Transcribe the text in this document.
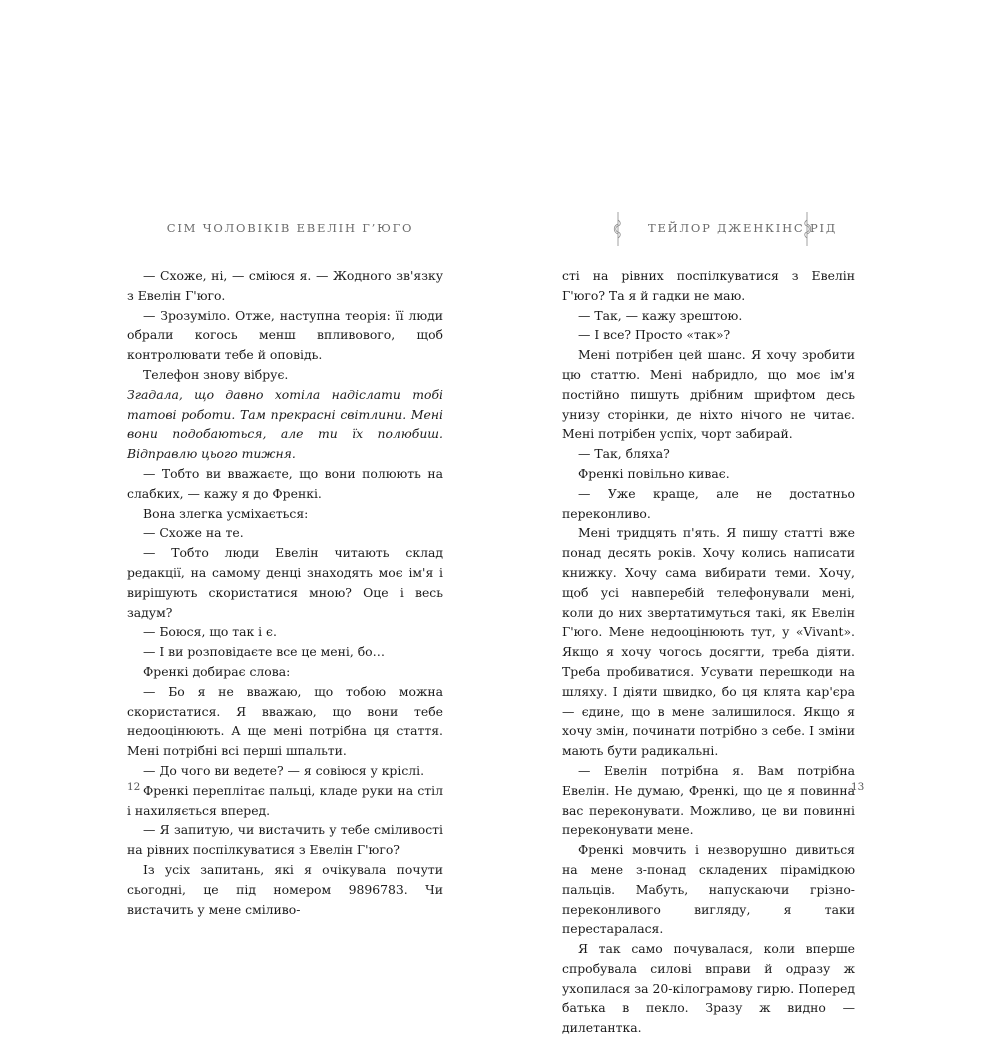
СІМ ЧОЛОВІКІВ ЕВЕЛІН Г’ЮГО

— Схоже, ні, — сміюся я. — Жодного зв'язку з Евелін Г'юго.

— Зрозуміло. Отже, наступна теорія: її люди обрали когось менш впливового, щоб контролювати тебе й оповідь.

Телефон знову вібрує.

Згадала, що давно хотіла надіслати тобі татові роботи. Там прекрасні світлини. Мені вони подобаються, але ти їх полюбиш. Відправлю цього тижня.

— Тобто ви вважаєте, що вони полюють на слабких, — кажу я до Френкі.

Вона злегка усміхається:

— Схоже на те.

— Тобто люди Евелін читають склад редакції, на самому денці знаходять моє ім'я і вирішують скористатися мною? Оце і весь задум?

— Боюся, що так і є.

— І ви розповідаєте все це мені, бо…

Френкі добирає слова:

— Бо я не вважаю, що тобою можна скористатися. Я вважаю, що вони тебе недооцінюють. А ще мені потрібна ця стаття. Мені потрібні всі перші шпальти.

— До чого ви ведете? — я совіюся у кріслі.

Френкі переплітає пальці, кладе руки на стіл і нахиляється вперед.

— Я запитую, чи вистачить у тебе сміливості на рівних поспілкуватися з Евелін Г'юго?

Із усіх запитань, які я очікувала почути сьогодні, це під номером 9896783. Чи вистачить у мене сміливо-

12
ТЕЙЛОР ДЖЕНКІНС РІД

сті на рівних поспілкуватися з Евелін Г'юго? Та я й гадки не маю.

— Так, — кажу зрештою.

— І все? Просто «так»?

Мені потрібен цей шанс. Я хочу зробити цю статтю. Мені набридло, що моє ім'я постійно пишуть дрібним шрифтом десь унизу сторінки, де ніхто нічого не читає. Мені потрібен успіх, чорт забирай.

— Так, бляха?

Френкі повільно киває.

— Уже краще, але не достатньо переконливо.

Мені тридцять п'ять. Я пишу статті вже понад десять років. Хочу колись написати книжку. Хочу сама вибирати теми. Хочу, щоб усі навперебій телефонували мені, коли до них звертатимуться такі, як Евелін Г'юго. Мене недооцінюють тут, у «Vivant». Якщо я хочу чогось досягти, треба діяти. Треба пробиватися. Усувати перешкоди на шляху. І діяти швидко, бо ця клята кар'єра — єдине, що в мене залишилося. Якщо я хочу змін, починати потрібно з себе. І зміни мають бути радикальні.

— Евелін потрібна я. Вам потрібна Евелін. Не думаю, Френкі, що це я повинна вас переконувати. Можливо, це ви повинні переконувати мене.

Френкі мовчить і незворушно дивиться на мене з-понад складених пірамідкою пальців. Мабуть, напускаючи грізно-переконливого вигляду, я таки перестаралася.

Я так само почувалася, коли вперше спробувала силові вправи й одразу ж ухопилася за 20-кілограмову гирю. Поперед батька в пекло. Зразу ж видно — дилетантка.

13
